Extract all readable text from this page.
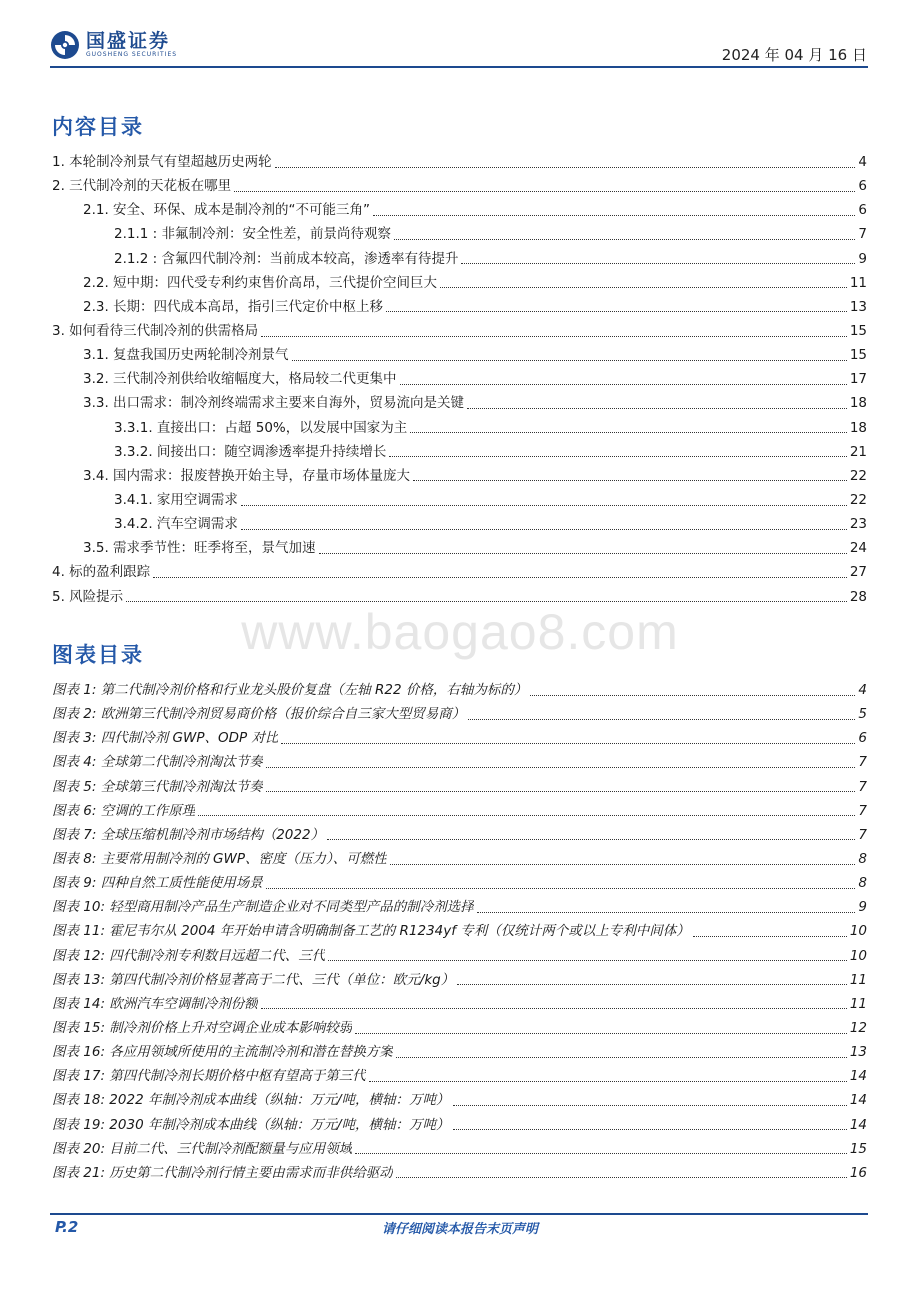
国盛证券
GUOSHENG SECURITIES	2024 年 04 月 16 日
内容目录
1. 本轮制冷剂景气有望超越历史两轮	4
2. 三代制冷剂的天花板在哪里	6
2.1. 安全、环保、成本是制冷剂的“不可能三角”	6
2.1.1 : 非氟制冷剂：安全性差，前景尚待观察	7
2.1.2 : 含氟四代制冷剂：当前成本较高，渗透率有待提升	9
2.2. 短中期：四代受专利约束售价高昂，三代提价空间巨大	11
2.3. 长期：四代成本高昂，指引三代定价中枢上移	13
3. 如何看待三代制冷剂的供需格局	15
3.1. 复盘我国历史两轮制冷剂景气	15
3.2. 三代制冷剂供给收缩幅度大，格局较二代更集中	17
3.3. 出口需求：制冷剂终端需求主要来自海外，贸易流向是关键	18
3.3.1. 直接出口：占超 50%，以发展中国家为主	18
3.3.2. 间接出口：随空调渗透率提升持续增长	21
3.4. 国内需求：报废替换开始主导，存量市场体量庞大	22
3.4.1. 家用空调需求	22
3.4.2. 汽车空调需求	23
3.5. 需求季节性：旺季将至，景气加速	24
4. 标的盈利跟踪	27
5. 风险提示	28
www.baogao8.com
图表目录
图表 1: 第二代制冷剂价格和行业龙头股价复盘（左轴 R22 价格，右轴为标的）	4
图表 2: 欧洲第三代制冷剂贸易商价格（报价综合自三家大型贸易商）	5
图表 3: 四代制冷剂 GWP、ODP 对比	6
图表 4: 全球第二代制冷剂淘汰节奏	7
图表 5: 全球第三代制冷剂淘汰节奏	7
图表 6: 空调的工作原理	7
图表 7: 全球压缩机制冷剂市场结构（2022）	7
图表 8: 主要常用制冷剂的 GWP、密度（压力）、可燃性	8
图表 9: 四种自然工质性能使用场景	8
图表 10: 轻型商用制冷产品生产制造企业对不同类型产品的制冷剂选择	9
图表 11: 霍尼韦尔从 2004 年开始申请含明确制备工艺的 R1234yf 专利（仅统计两个或以上专利中间体）	10
图表 12: 四代制冷剂专利数目远超二代、三代	10
图表 13: 第四代制冷剂价格显著高于二代、三代（单位：欧元/kg）	11
图表 14: 欧洲汽车空调制冷剂份额	11
图表 15: 制冷剂价格上升对空调企业成本影响较弱	12
图表 16: 各应用领域所使用的主流制冷剂和潜在替换方案	13
图表 17: 第四代制冷剂长期价格中枢有望高于第三代	14
图表 18: 2022 年制冷剂成本曲线（纵轴：万元/吨，横轴：万吨）	14
图表 19: 2030 年制冷剂成本曲线（纵轴：万元/吨，横轴：万吨）	14
图表 20: 目前二代、三代制冷剂配额量与应用领域	15
图表 21: 历史第二代制冷剂行情主要由需求而非供给驱动	16
P.2	请仔细阅读本报告末页声明
